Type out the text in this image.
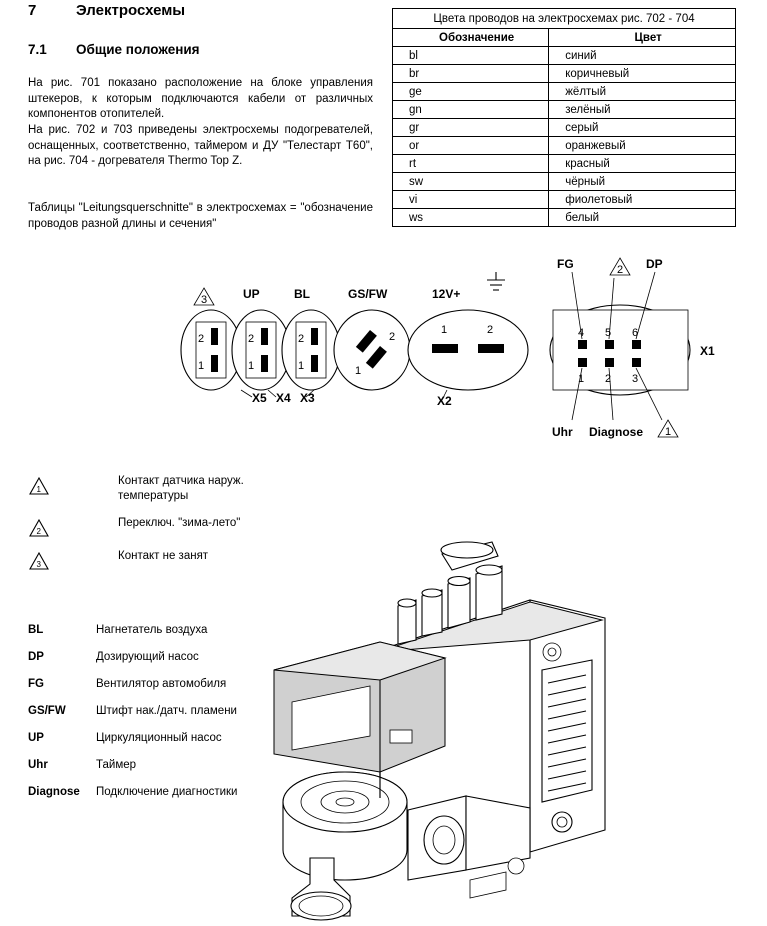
7	Электросхемы
7.1 Общие положения
На рис. 701 показано расположение на блоке управления штекеров, к которым подключаются кабели от различных компонентов отопителей.
На рис. 702 и 703 приведены электросхемы подогревателей, оснащенных, соответственно, таймером и ДУ "Телестарт Т60", на рис. 704 - догревателя Thermo Top Z.
Таблицы "Leitungsquerschnitte" в электросхемах = "обозначение проводов разной длины и сечения"
Цвета проводов на электросхемах рис. 702 - 704	
Обозначение	Цвет
bl	синий
br	коричневый
ge	жёлтый
gn	зелёный
gr	серый
or	оранжевый
rt	красный
sw	чёрный
vi	фиолетовый
ws	белый
2
1
X5
3
2
1
UP
X4
2
1
BL
X3
2
1
GS/FW
1	2
12V+
X2
4 5 6
1 2 3
X1
FG	2 DP
Uhr Diagnose 1
1
Контакт датчика наруж.
температуры
2
Переключ. "зима-лето"
3
Контакт не занят
BL	Нагнетатель воздуха
DP	Дозирующий насос
FG	Вентилятор автомобиля
GS/FW	Штифт нак./датч. пламени
UP	Циркуляционный насос
Uhr	Таймер
Diagnose Подключение диагностики
